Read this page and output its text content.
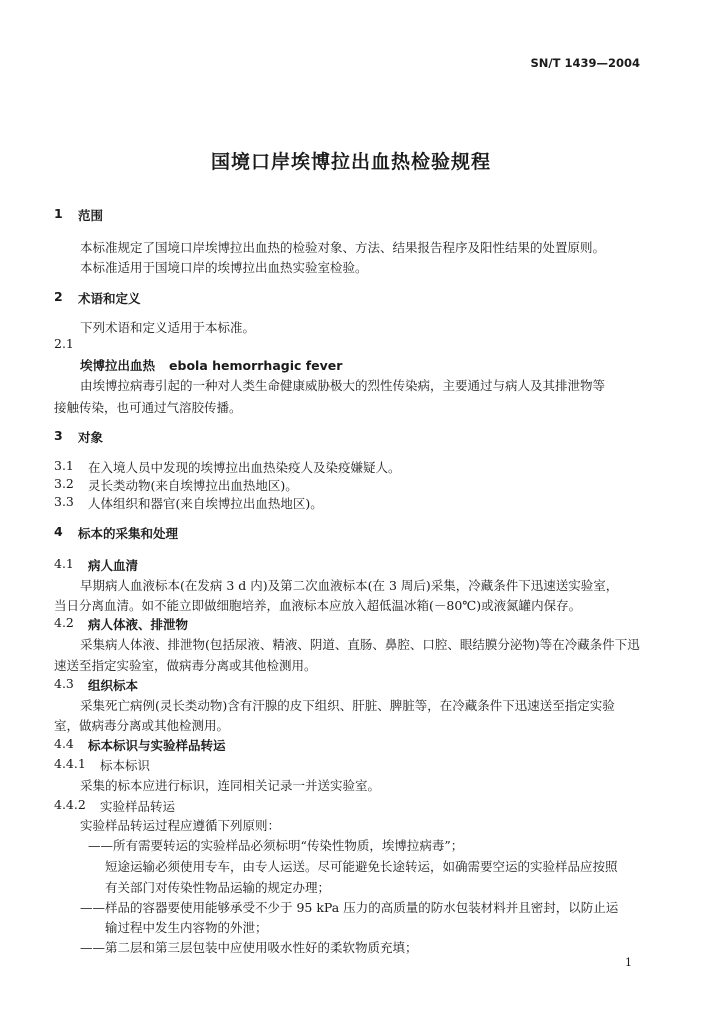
SN/T 1439—2004
国境口岸埃博拉出血热检验规程
1 范围
本标准规定了国境口岸埃博拉出血热的检验对象、方法、结果报告程序及阳性结果的处置原则。
本标准适用于国境口岸的埃博拉出血热实验室检验。
2 术语和定义
下列术语和定义适用于本标准。
2.1
埃博拉出血热 ebola hemorrhagic fever
由埃博拉病毒引起的一种对人类生命健康威胁极大的烈性传染病，主要通过与病人及其排泄物等
接触传染，也可通过气溶胶传播。
3 对象
3.1 在入境人员中发现的埃博拉出血热染疫人及染疫嫌疑人。
3.2 灵长类动物(来自埃博拉出血热地区)。
3.3 人体组织和器官(来自埃博拉出血热地区)。
4 标本的采集和处理
4.1 病人血清
早期病人血液标本(在发病 3 d 内)及第二次血液标本(在 3 周后)采集，冷藏条件下迅速送实验室，
当日分离血清。如不能立即做细胞培养，血液标本应放入超低温冰箱(－80℃)或液氮罐内保存。
4.2 病人体液、排泄物
采集病人体液、排泄物(包括尿液、精液、阴道、直肠、鼻腔、口腔、眼结膜分泌物)等在冷藏条件下迅
速送至指定实验室，做病毒分离或其他检测用。
4.3 组织标本
采集死亡病例(灵长类动物)含有汗腺的皮下组织、肝脏、脾脏等，在冷藏条件下迅速送至指定实验
室，做病毒分离或其他检测用。
4.4 标本标识与实验样品转运
4.4.1 标本标识
采集的标本应进行标识，连同相关记录一并送实验室。
4.4.2 实验样品转运
实验样品转运过程应遵循下列原则：
——所有需要转运的实验样品必须标明“传染性物质，埃博拉病毒”；
短途运输必须使用专车，由专人运送。尽可能避免长途转运，如确需要空运的实验样品应按照
有关部门对传染性物品运输的规定办理；
——样品的容器要使用能够承受不少于 95 kPa 压力的高质量的防水包装材料并且密封，以防止运
输过程中发生内容物的外泄；
——第二层和第三层包装中应使用吸水性好的柔软物质充填；
1
